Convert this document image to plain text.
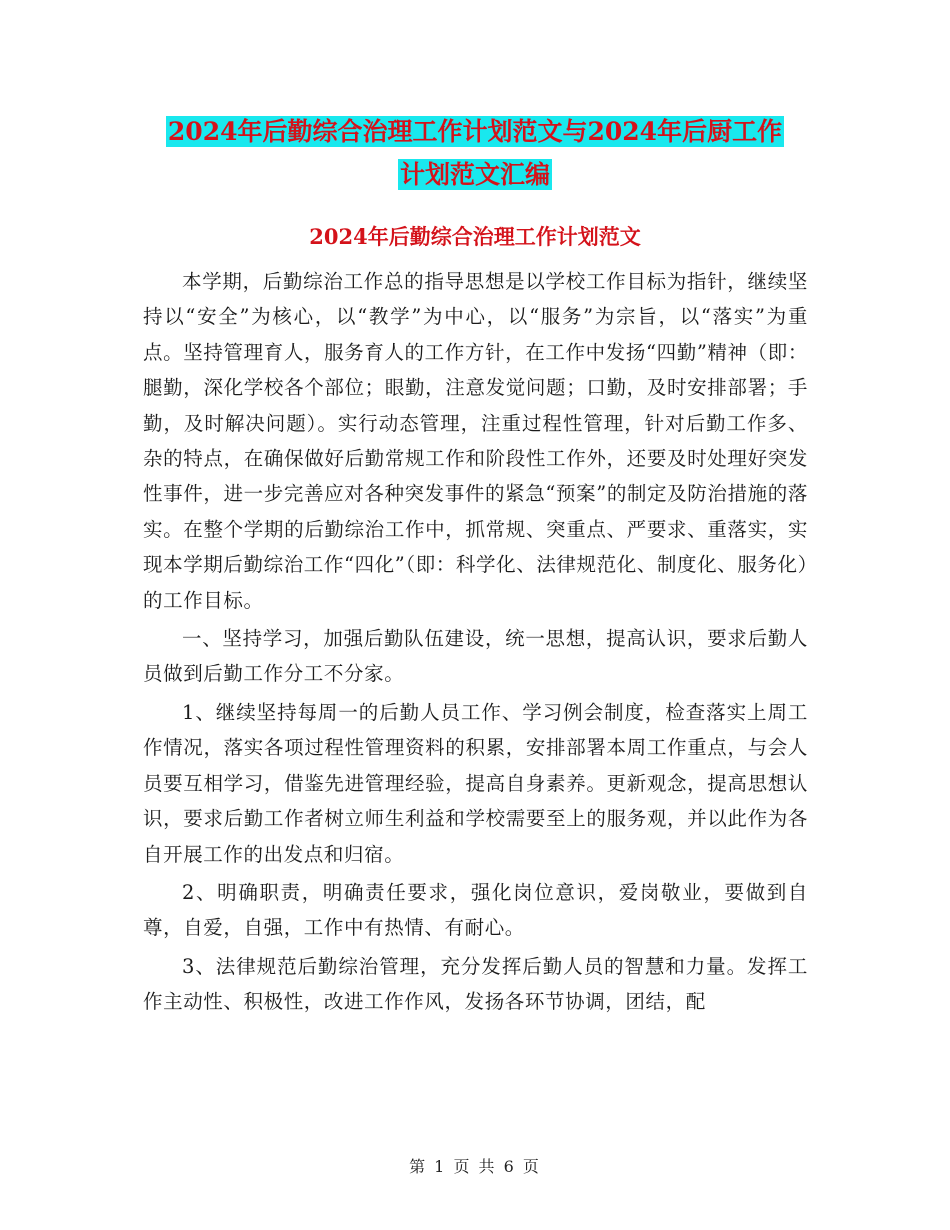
2024年后勤综合治理工作计划范文与2024年后厨工作
计划范文汇编
2024年后勤综合治理工作计划范文

本学期，后勤综治工作总的指导思想是以学校工作目标为指针，继续坚持以“安全”为核心，以“教学”为中心，以“服务”为宗旨，以“落实”为重点。坚持管理育人，服务育人的工作方针，在工作中发扬“四勤”精神（即：腿勤，深化学校各个部位；眼勤，注意发觉问题；口勤，及时安排部署；手勤，及时解决问题）。实行动态管理，注重过程性管理，针对后勤工作多、杂的特点，在确保做好后勤常规工作和阶段性工作外，还要及时处理好突发性事件，进一步完善应对各种突发事件的紧急“预案”的制定及防治措施的落实。在整个学期的后勤综治工作中，抓常规、突重点、严要求、重落实，实现本学期后勤综治工作“四化”（即：科学化、法律规范化、制度化、服务化）的工作目标。

一、坚持学习，加强后勤队伍建设，统一思想，提高认识，要求后勤人员做到后勤工作分工不分家。

1、继续坚持每周一的后勤人员工作、学习例会制度，检查落实上周工作情况，落实各项过程性管理资料的积累，安排部署本周工作重点，与会人员要互相学习，借鉴先进管理经验，提高自身素养。更新观念，提高思想认识，要求后勤工作者树立师生利益和学校需要至上的服务观，并以此作为各自开展工作的出发点和归宿。

2、明确职责，明确责任要求，强化岗位意识，爱岗敬业，要做到自尊，自爱，自强，工作中有热情、有耐心。

3、法律规范后勤综治管理，充分发挥后勤人员的智慧和力量。发挥工作主动性、积极性，改进工作作风，发扬各环节协调，团结，配

第 1 页 共 6 页
